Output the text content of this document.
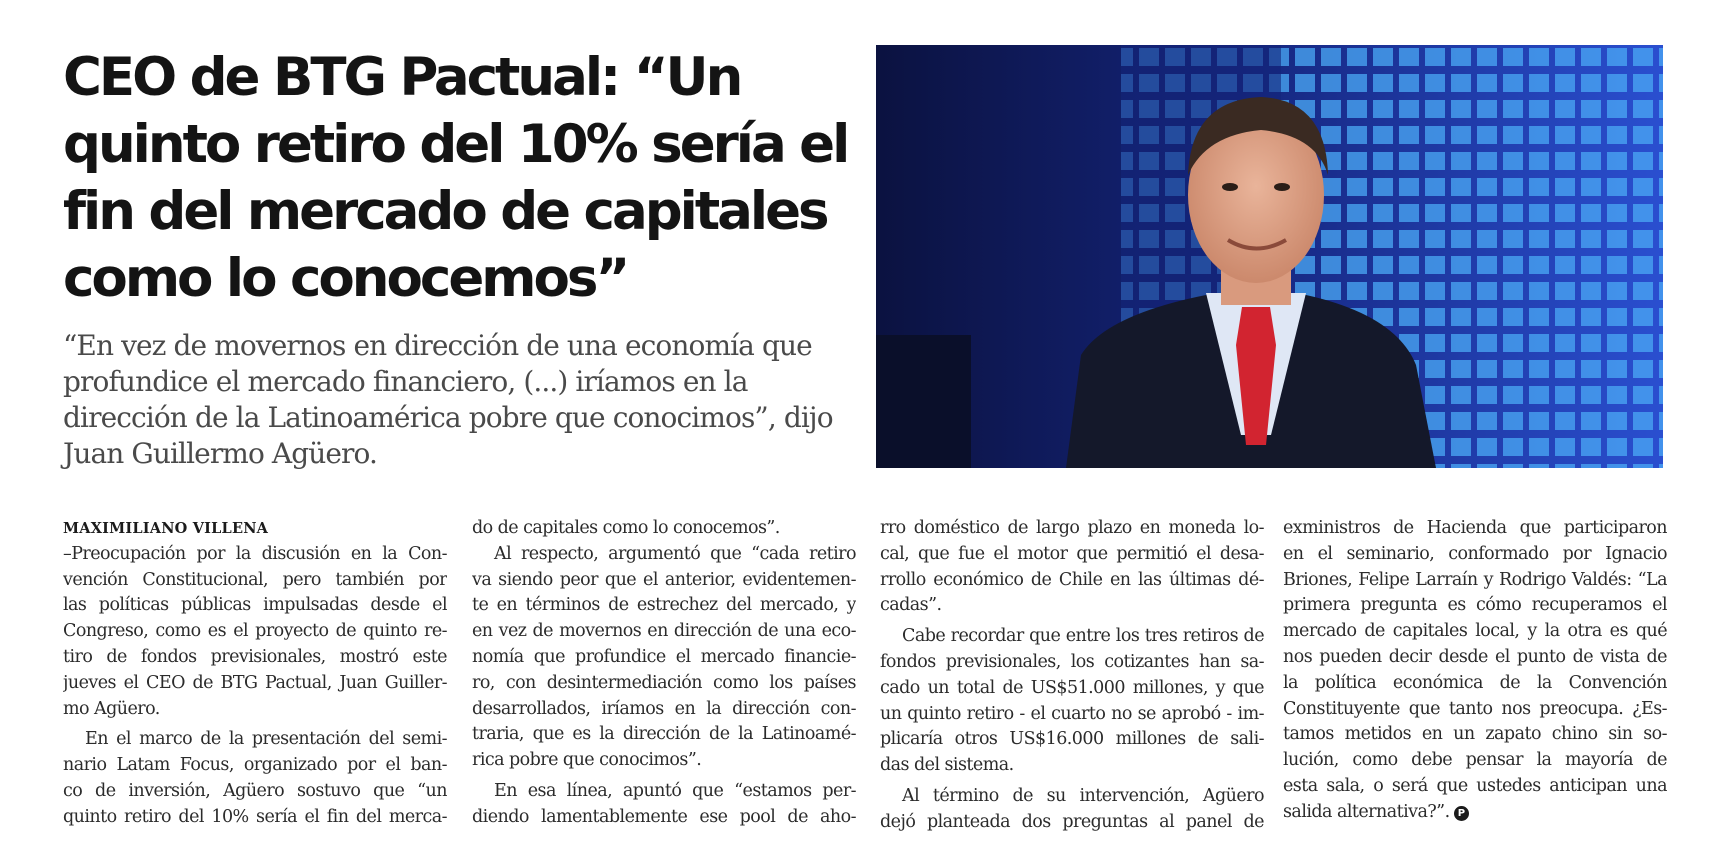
CEO de BTG Pactual: “Un
quinto retiro del 10% sería el
fin del mercado de capitales
como lo conocemos”
“En vez de movernos en dirección de una economía que
profundice el mercado financiero, (...) iríamos en la
dirección de la Latinoamérica pobre que conocimos”, dijo
Juan Guillermo Agüero.
MAXIMILIANO VILLENA
–Preocupación por la discusión en la Con-
vención Constitucional, pero también por
las políticas públicas impulsadas desde el
Congreso, como es el proyecto de quinto re-
tiro de fondos previsionales, mostró este
jueves el CEO de BTG Pactual, Juan Guiller-
mo Agüero.
En el marco de la presentación del semi-
nario Latam Focus, organizado por el ban-
co de inversión, Agüero sostuvo que “un
quinto retiro del 10% sería el fin del merca-
do de capitales como lo conocemos”.
Al respecto, argumentó que “cada retiro
va siendo peor que el anterior, evidentemen-
te en términos de estrechez del mercado, y
en vez de movernos en dirección de una eco-
nomía que profundice el mercado financie-
ro, con desintermediación como los países
desarrollados, iríamos en la dirección con-
traria, que es la dirección de la Latinoamé-
rica pobre que conocimos”.
En esa línea, apuntó que “estamos per-
diendo lamentablemente ese pool de aho-
rro doméstico de largo plazo en moneda lo-
cal, que fue el motor que permitió el desa-
rrollo económico de Chile en las últimas dé-
cadas”.
Cabe recordar que entre los tres retiros de
fondos previsionales, los cotizantes han sa-
cado un total de US$51.000 millones, y que
un quinto retiro - el cuarto no se aprobó - im-
plicaría otros US$16.000 millones de sali-
das del sistema.
Al término de su intervención, Agüero
dejó planteada dos preguntas al panel de
exministros de Hacienda que participaron
en el seminario, conformado por Ignacio
Briones, Felipe Larraín y Rodrigo Valdés: “La
primera pregunta es cómo recuperamos el
mercado de capitales local, y la otra es qué
nos pueden decir desde el punto de vista de
la política económica de la Convención
Constituyente que tanto nos preocupa. ¿Es-
tamos metidos en un zapato chino sin so-
lución, como debe pensar la mayoría de
esta sala, o será que ustedes anticipan una
salida alternativa?”. P
